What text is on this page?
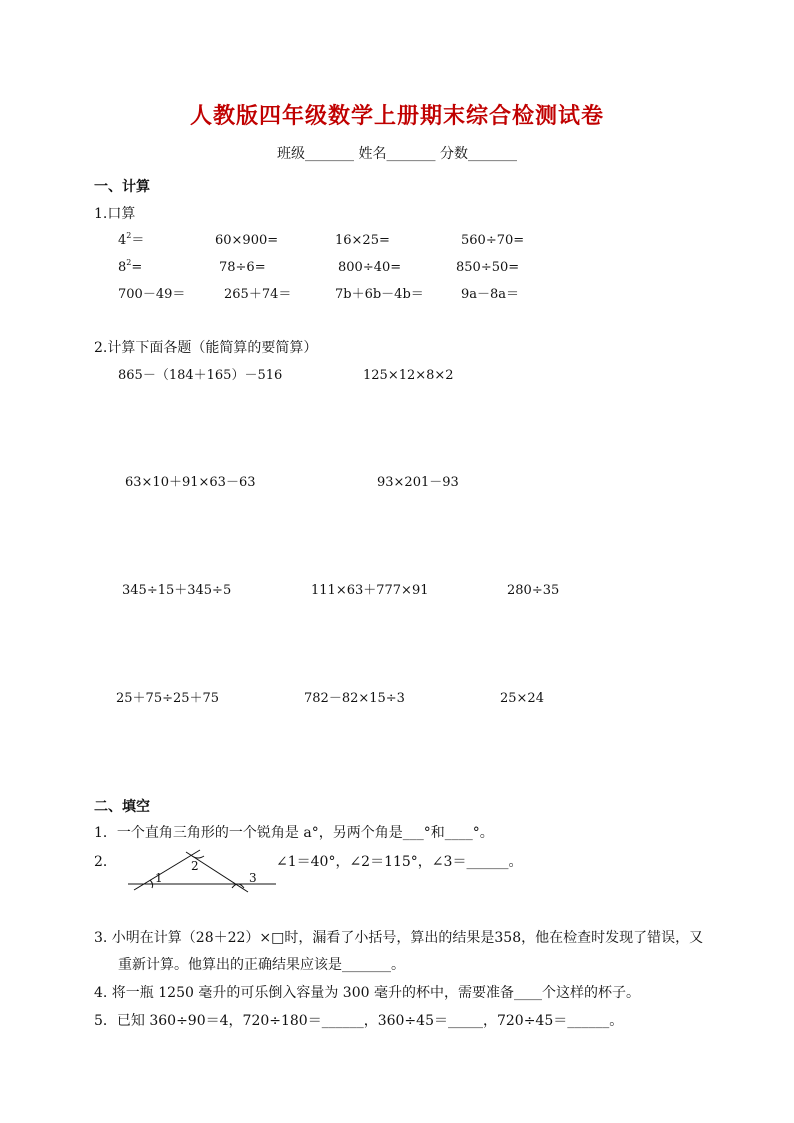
人教版四年级数学上册期末综合检测试卷
班级_______ 姓名_______ 分数_______
一、计算
1.口算
$4^2=$	60×900=	16×25=	560÷70=
$8^2=$	78÷6=	800÷40=	850÷50=
700－49＝	265＋74＝	7b＋6b－4b＝	9a－8a＝
2.计算下面各题（能简算的要简算）
865－（184＋165）－516	125×12×8×2
63×10＋91×63－63	93×201－93
345÷15＋345÷5	111×63＋777×91	280÷35
25＋75÷25＋75	782－82×15÷3	25×24
二、填空
1．一个直角三角形的一个锐角是 a°，另两个角是___°和____°。
2．
1
2
3
∠1＝40°，∠2＝115°，∠3＝______。
3. 小明在计算（28＋22）×□时，漏看了小括号，算出的结果是358，他在检查时发现了错误，又
重新计算。他算出的正确结果应该是_______。
4. 将一瓶 1250 毫升的可乐倒入容量为 300 毫升的杯中，需要准备____个这样的杯子。
5．已知 360÷90＝4，720÷180＝______，360÷45＝_____，720÷45＝______。
